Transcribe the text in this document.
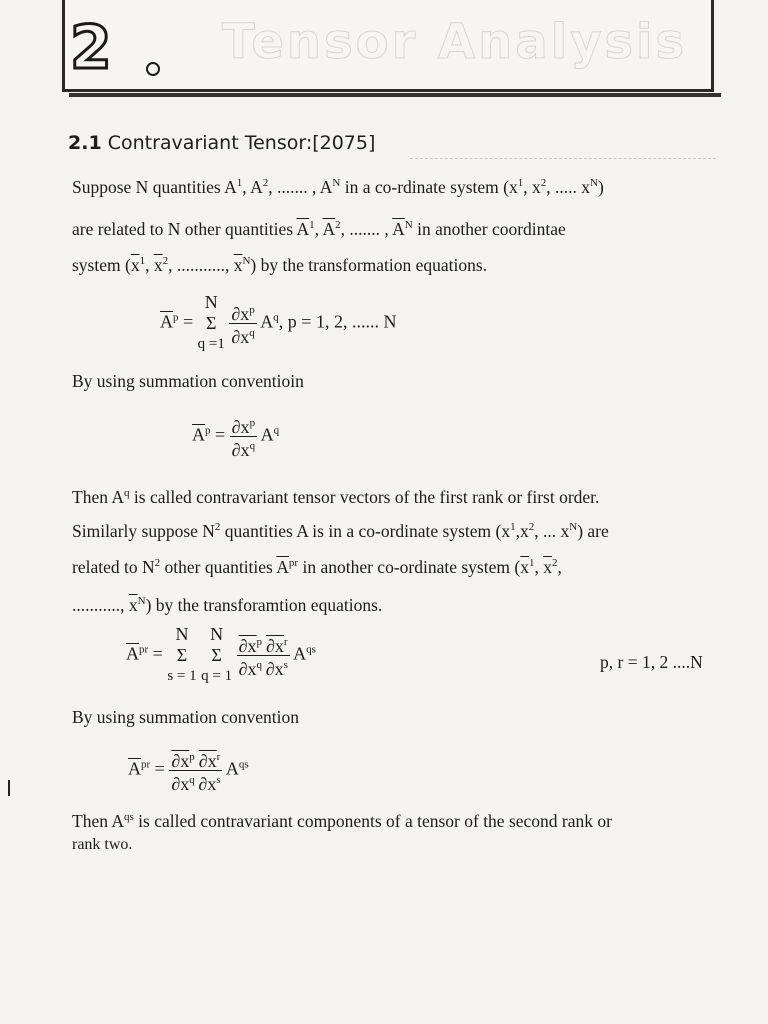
2 Tensor Analysis
2.1 Contravariant Tensor:[2075]
Suppose N quantities $A^1$, $A^2$, ....... , $A^N$ in a co-rdinate system ($x^1$, $x^2$, ..... $x^N$)
are related to N other quantities $\overline{A}^1$, $\overline{A}^2$, ....... , $\overline{A}^N$ in another coordintae
system ($\overline{x}^1$, $\overline{x}^2$, ..........., $\overline{x}^N$) by the transformation equations.
$\overline{A}^p$ =
N
Σ
q =1
$\frac{\partial x^p}{\partial x^q} A^q$, p = 1, 2, ...... N
By using summation conventioin
$\overline{A}^p = \frac{\partial x^p}{\partial x^q} A^q$
Then $A^q$ is called contravariant tensor vectors of the first rank or first order.
Similarly suppose $N^2$ quantities A is in a co-ordinate system ($x^1,x^2$, ... $x^N$) are
related to $N^2$ other quantities $\overline{A}^{pr}$ in another co-ordinate system ($\overline{x}^1$, $\overline{x}^2$,
..........., $\overline{x}^N$) by the transforamtion equations.
$\overline{A}^{pr}$ =
N
Σ
s = 1

N
Σ
q = 1
$\frac{\partial x^p}{\partial x^q} \frac{\partial x^r}{\partial x^s} A^{qs}$
p, r = 1, 2 ....N
By using summation convention
$\overline{A}^{pr} = \frac{\partial x^p}{\partial x^q} \frac{\partial x^r}{\partial x^s} A^{qs}$
Then $A^{qs}$ is called contravariant components of a tensor of the second rank or
rank two.
